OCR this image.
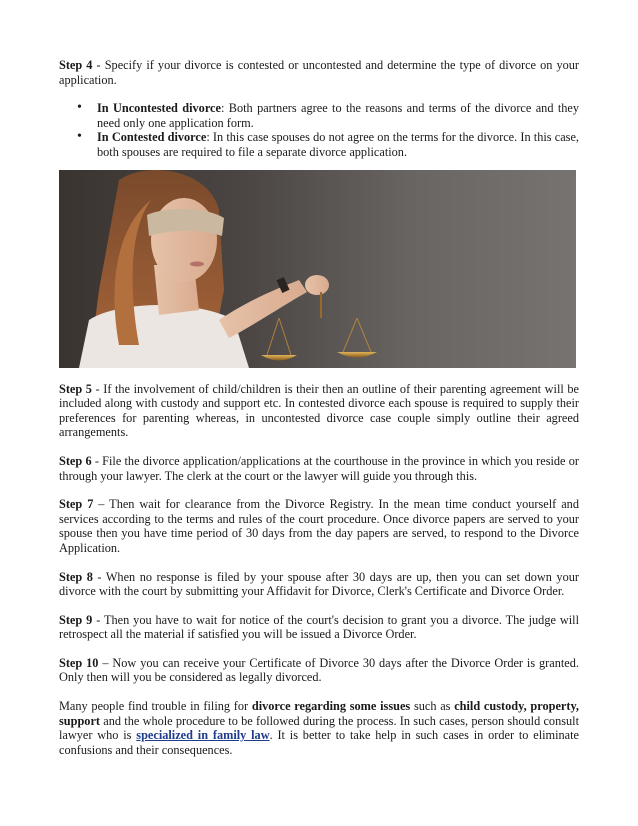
Step 4 - Specify if your divorce is contested or uncontested and determine the type of divorce on your application.

• In Uncontested divorce: Both partners agree to the reasons and terms of the divorce and they need only one application form.
• In Contested divorce: In this case spouses do not agree on the terms for the divorce. In this case, both spouses are required to file a separate divorce application.

Step 5 - If the involvement of child/children is their then an outline of their parenting agreement will be included along with custody and support etc. In contested divorce each spouse is required to supply their preferences for parenting whereas, in uncontested divorce case couple simply outline their agreed arrangements.

Step 6 - File the divorce application/applications at the courthouse in the province in which you reside or through your lawyer. The clerk at the court or the lawyer will guide you through this.

Step 7 – Then wait for clearance from the Divorce Registry. In the mean time conduct yourself and services according to the terms and rules of the court procedure. Once divorce papers are served to your spouse then you have time period of 30 days from the day papers are served, to respond to the Divorce Application.

Step 8 - When no response is filed by your spouse after 30 days are up, then you can set down your divorce with the court by submitting your Affidavit for Divorce, Clerk's Certificate and Divorce Order.

Step 9 - Then you have to wait for notice of the court's decision to grant you a divorce. The judge will retrospect all the material if satisfied you will be issued a Divorce Order.

Step 10 – Now you can receive your Certificate of Divorce 30 days after the Divorce Order is granted. Only then will you be considered as legally divorced.

Many people find trouble in filing for divorce regarding some issues such as child custody, property, support and the whole procedure to be followed during the process. In such cases, person should consult lawyer who is specialized in family law. It is better to take help in such cases in order to eliminate confusions and their consequences.
